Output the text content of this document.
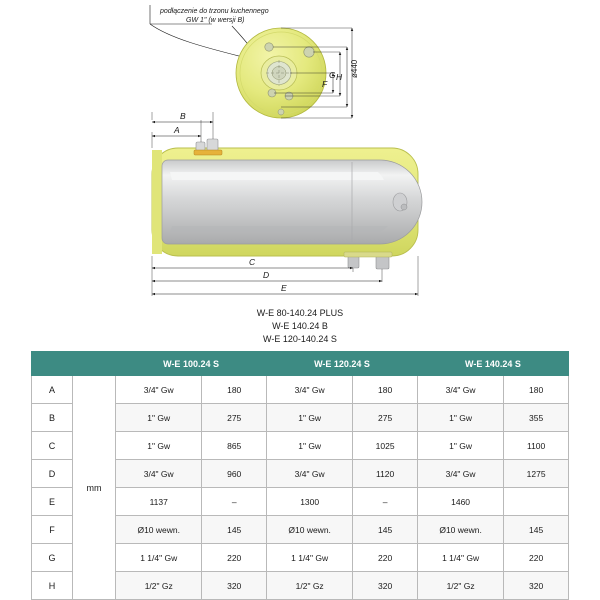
podłączenie do trzonu kuchennego
GW 1" (w wersji B)
ø440
H
G
F
B
A
C
D
E
W-E 80-140.24 PLUS
W-E 140.24 B
W-E 120-140.24 S
		W-E 100.24 S		W-E 120.24 S		W-E 140.24 S	
A	mm	3/4" Gw	180	3/4" Gw	180	3/4" Gw	180
B		1" Gw	275	1" Gw	275	1" Gw	355
C		1" Gw	865	1" Gw	1025	1" Gw	1100
D		3/4" Gw	960	3/4" Gw	1120	3/4" Gw	1275
E		1137	–	1300	–	1460	
F		Ø10 wewn.	145	Ø10 wewn.	145	Ø10 wewn.	145
G		1 1/4" Gw	220	1 1/4" Gw	220	1 1/4" Gw	220
H		1/2" Gz	320	1/2" Gz	320	1/2" Gz	320
